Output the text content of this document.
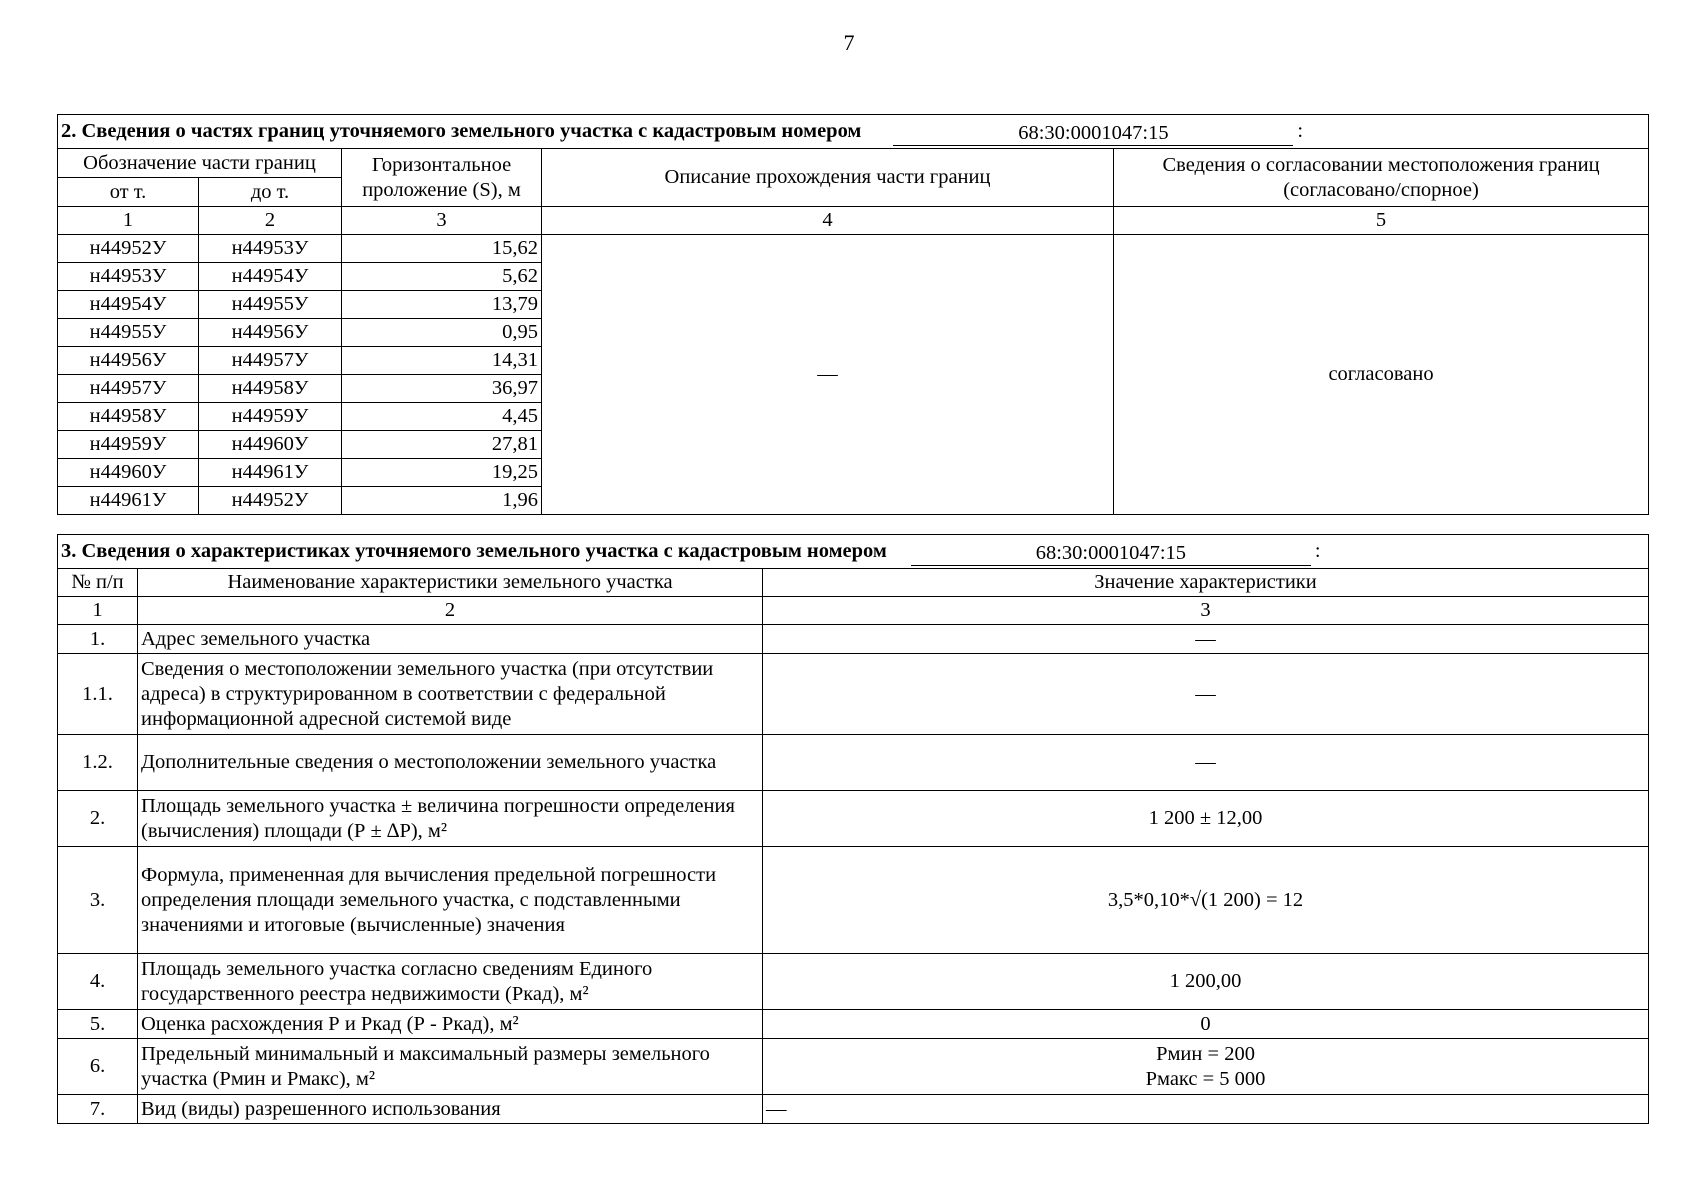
7
2. Сведения о частях границ уточняемого земельного участка с кадастровым номером 68:30:0001047:15 :				

Обозначение части границ		Горизонтальное проложение (S), м	Описание прохождения части границ	Сведения о согласовании местоположения границ (согласовано/спорное)
от т.	до т.			
1	2	3	4	5
н44952У	н44953У	15,62	—	согласовано
н44953У	н44954У	5,62		
н44954У	н44955У	13,79		
н44955У	н44956У	0,95		
н44956У	н44957У	14,31		
н44957У	н44958У	36,97		
н44958У	н44959У	4,45		
н44959У	н44960У	27,81		
н44960У	н44961У	19,25		
н44961У	н44952У	1,96		
3. Сведения о характеристиках уточняемого земельного участка с кадастровым номером 68:30:0001047:15 :		

№ п/п	Наименование характеристики земельного участка	Значение характеристики
1	2	3
1.	Адрес земельного участка	—
1.1.	Сведения о местоположении земельного участка (при отсутствии адреса) в структурированном в соответствии с федеральной информационной адресной системой виде	—
1.2.	Дополнительные сведения о местоположении земельного участка	—
2.	Площадь земельного участка ± величина погрешности определения (вычисления) площади (Р ± ∆Р), м²	1 200 ± 12,00
3.	Формула, примененная для вычисления предельной погрешности определения площади земельного участка, с подставленными значениями и итоговые (вычисленные) значения	3,5*0,10*√(1 200) = 12
4.	Площадь земельного участка согласно сведениям Единого государственного реестра недвижимости (Ркад), м²	1 200,00
5.	Оценка расхождения Р и Ркад (Р - Ркад), м²	0
6.	Предельный минимальный и максимальный размеры земельного участка (Рмин и Рмакс), м²	Рмин = 200
Рмакс = 5 000

7.	Вид (виды) разрешенного использования	—
